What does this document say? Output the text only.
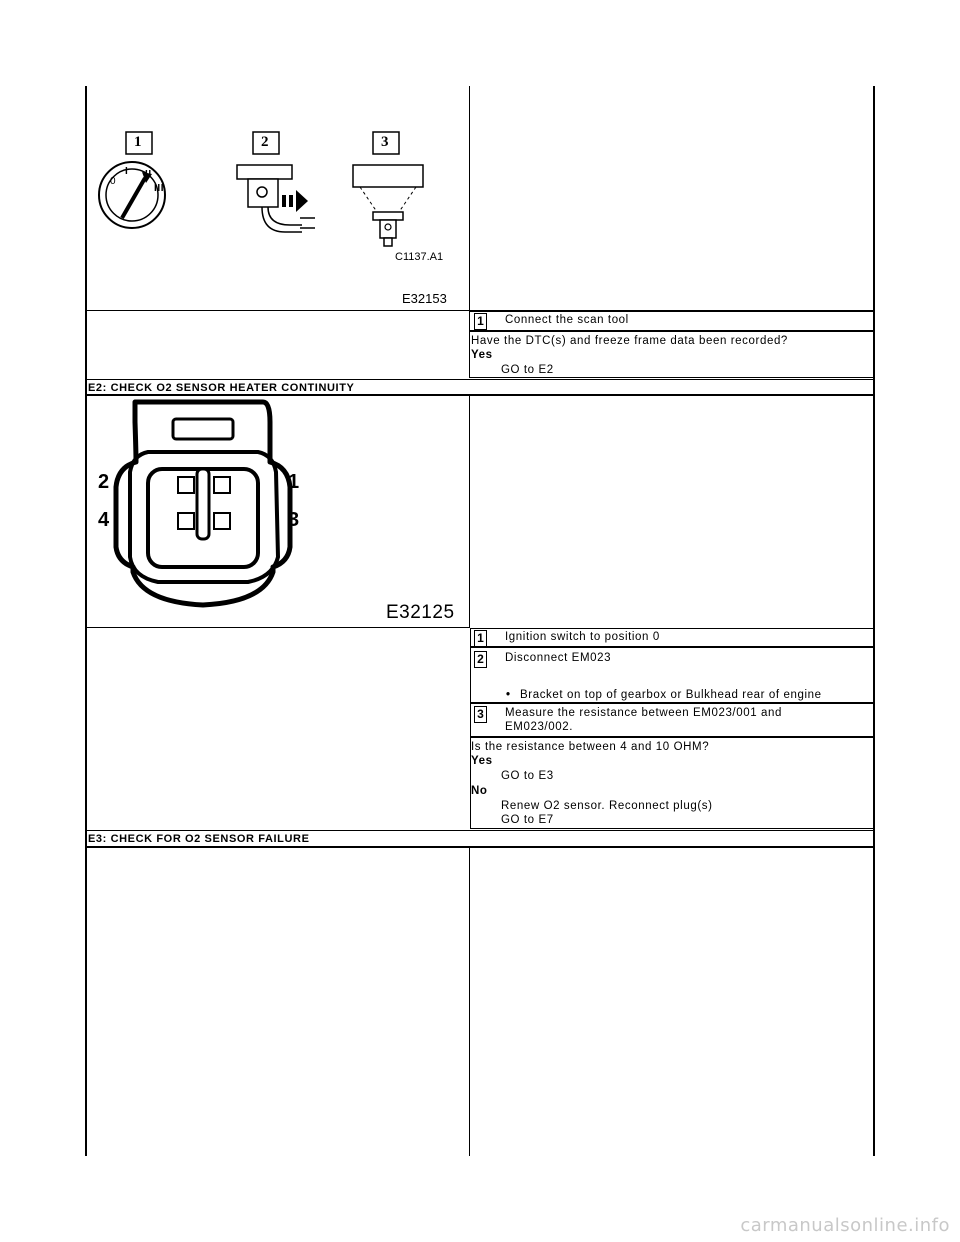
1	2	3
0
I II
III
C1137.A1
E32153
1 Connect the scan tool
Have the DTC(s) and freeze frame data been recorded?
Yes
GO to E2
E2: CHECK O2 SENSOR HEATER CONTINUITY
2	1
4	3
E32125
1 Ignition switch to position 0
2 Disconnect EM023
• Bracket on top of gearbox or Bulkhead rear of engine
3 Measure the resistance between EM023/001 and
EM023/002.
Is the resistance between 4 and 10 OHM?
Yes
GO to E3
No
Renew O2 sensor. Reconnect plug(s)
GO to E7
E3: CHECK FOR O2 SENSOR FAILURE
carmanualsonline.info
